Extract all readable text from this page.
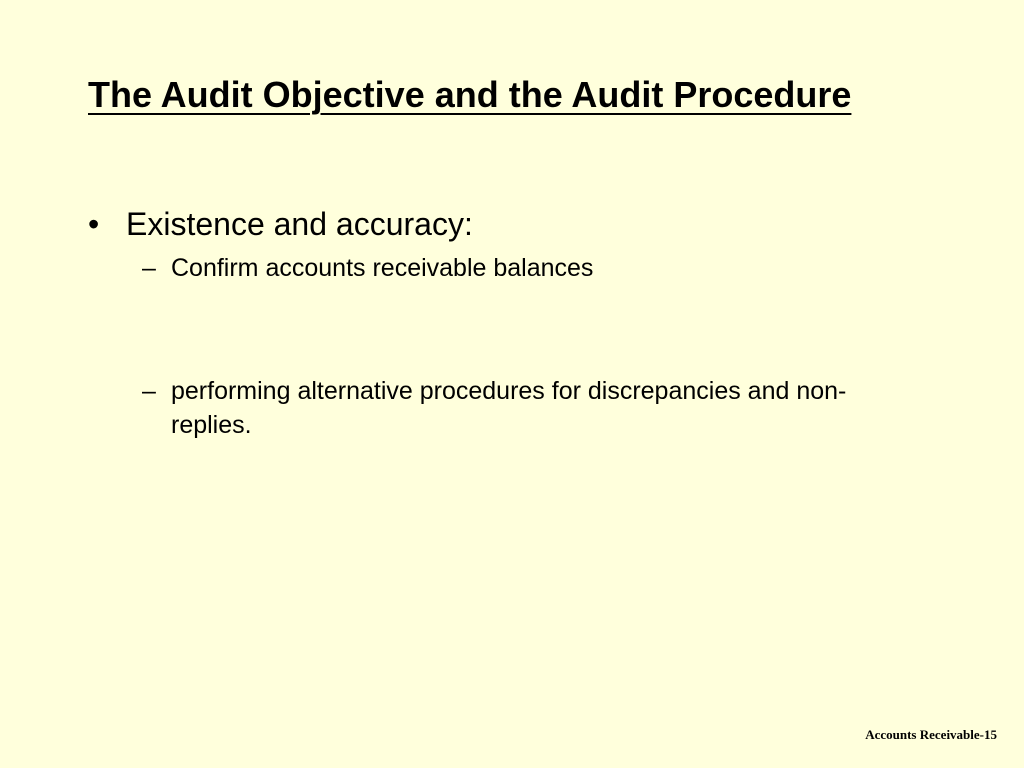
The Audit Objective and the Audit Procedure
• Existence and accuracy:
– Confirm accounts receivable balances
– performing alternative procedures for discrepancies and non-replies.
Accounts Receivable-15
